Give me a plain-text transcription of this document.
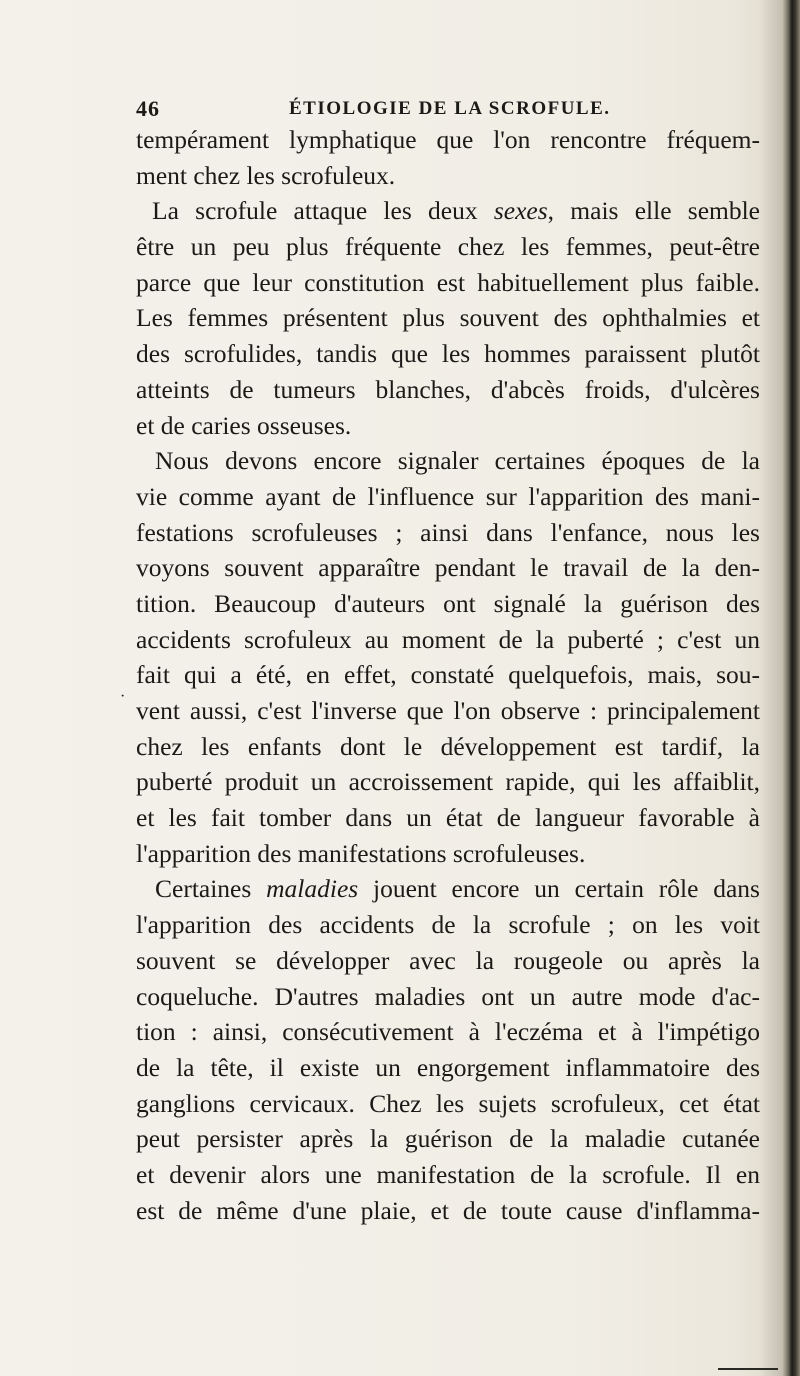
46	ÉTIOLOGIE DE LA SCROFULE.
·
tempérament lymphatique que l'on rencontre fréquem-
ment chez les scrofuleux.
La scrofule attaque les deux sexes, mais elle semble
être un peu plus fréquente chez les femmes, peut-être
parce que leur constitution est habituellement plus faible.
Les femmes présentent plus souvent des ophthalmies et
des scrofulides, tandis que les hommes paraissent plutôt
atteints de tumeurs blanches, d'abcès froids, d'ulcères
et de caries osseuses.
Nous devons encore signaler certaines époques de la
vie comme ayant de l'influence sur l'apparition des mani-
festations scrofuleuses ; ainsi dans l'enfance, nous les
voyons souvent apparaître pendant le travail de la den-
tition. Beaucoup d'auteurs ont signalé la guérison des
accidents scrofuleux au moment de la puberté ; c'est un
fait qui a été, en effet, constaté quelquefois, mais, sou-
vent aussi, c'est l'inverse que l'on observe : principalement
chez les enfants dont le développement est tardif, la
puberté produit un accroissement rapide, qui les affaiblit,
et les fait tomber dans un état de langueur favorable à
l'apparition des manifestations scrofuleuses.
Certaines maladies jouent encore un certain rôle dans
l'apparition des accidents de la scrofule ; on les voit
souvent se développer avec la rougeole ou après la
coqueluche. D'autres maladies ont un autre mode d'ac-
tion : ainsi, consécutivement à l'eczéma et à l'impétigo
de la tête, il existe un engorgement inflammatoire des
ganglions cervicaux. Chez les sujets scrofuleux, cet état
peut persister après la guérison de la maladie cutanée
et devenir alors une manifestation de la scrofule. Il en
est de même d'une plaie, et de toute cause d'inflamma-
